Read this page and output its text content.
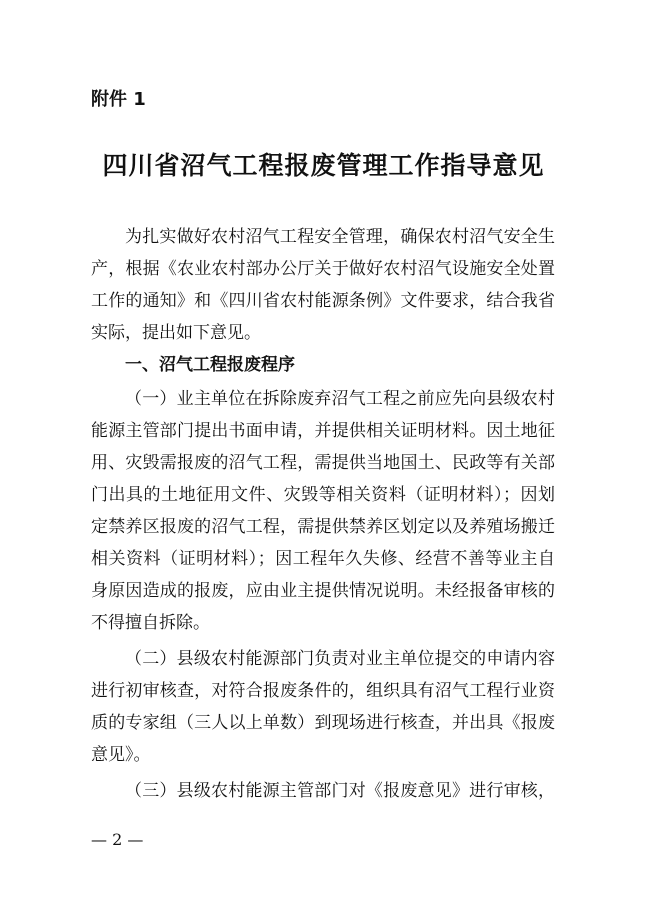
附件 1
四川省沼气工程报废管理工作指导意见
为扎实做好农村沼气工程安全管理，确保农村沼气安全生
产，根据《农业农村部办公厅关于做好农村沼气设施安全处置
工作的通知》和《四川省农村能源条例》文件要求，结合我省
实际，提出如下意见。
一、沼气工程报废程序
（一）业主单位在拆除废弃沼气工程之前应先向县级农村
能源主管部门提出书面申请，并提供相关证明材料。因土地征
用、灾毁需报废的沼气工程，需提供当地国土、民政等有关部
门出具的土地征用文件、灾毁等相关资料（证明材料）；因划
定禁养区报废的沼气工程，需提供禁养区划定以及养殖场搬迁
相关资料（证明材料）；因工程年久失修、经营不善等业主自
身原因造成的报废，应由业主提供情况说明。未经报备审核的
不得擅自拆除。
（二）县级农村能源部门负责对业主单位提交的申请内容
进行初审核查，对符合报废条件的，组织具有沼气工程行业资
质的专家组（三人以上单数）到现场进行核查，并出具《报废
意见》。
（三）县级农村能源主管部门对《报废意见》进行审核，
— 2 —
